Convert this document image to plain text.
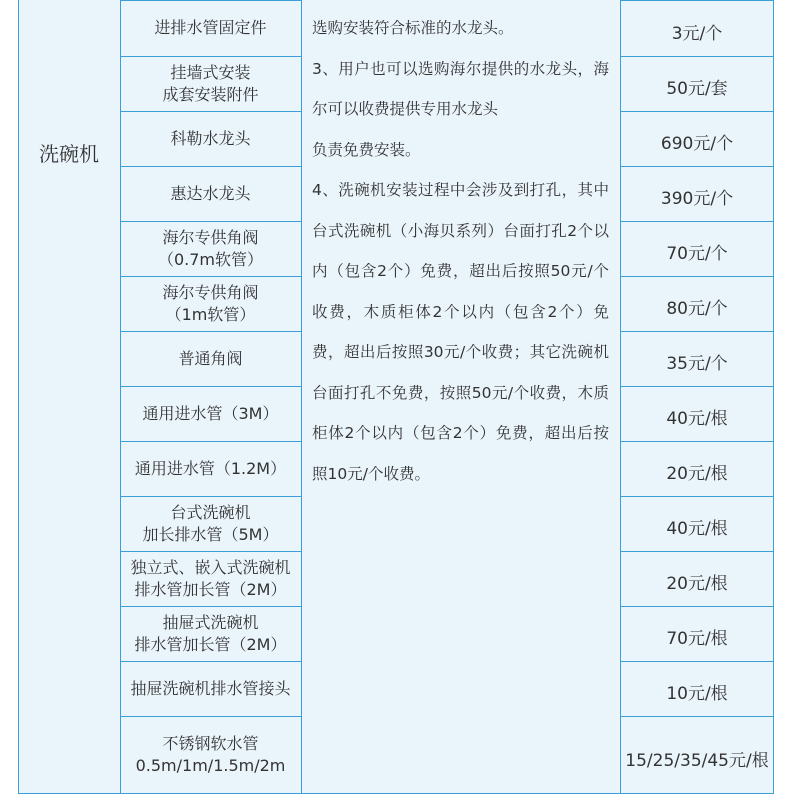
洗碗机
进排水管固定件	3元/个
挂墙式安装
成套安装附件	50元/套
科勒水龙头	690元/个
惠达水龙头	390元/个
海尔专供角阀
（0.7m软管）	70元/个
海尔专供角阀
（1m软管）	80元/个
普通角阀	35元/个
通用进水管（3M）	40元/根
通用进水管（1.2M）	20元/根
台式洗碗机
加长排水管（5M）	40元/根
独立式、嵌入式洗碗机
排水管加长管（2M）	20元/根
抽屉式洗碗机
排水管加长管（2M）	70元/根
抽屉洗碗机排水管接头	10元/根
不锈钢软水管
0.5m/1m/1.5m/2m	15/25/35/45元/根

选购安装符合标准的水龙头。

3、用户也可以选购海尔提供的水龙头，海尔可以收费提供专用水龙头

负责免费安装。

4、洗碗机安装过程中会涉及到打孔，其中台式洗碗机（小海贝系列）台面打孔2个以内（包含2个）免费，超出后按照50元/个收费，木质柜体2个以内（包含2个）免费，超出后按照30元/个收费；其它洗碗机台面打孔不免费，按照50元/个收费，木质柜体2个以内（包含2个）免费，超出后按照10元/个收费。
